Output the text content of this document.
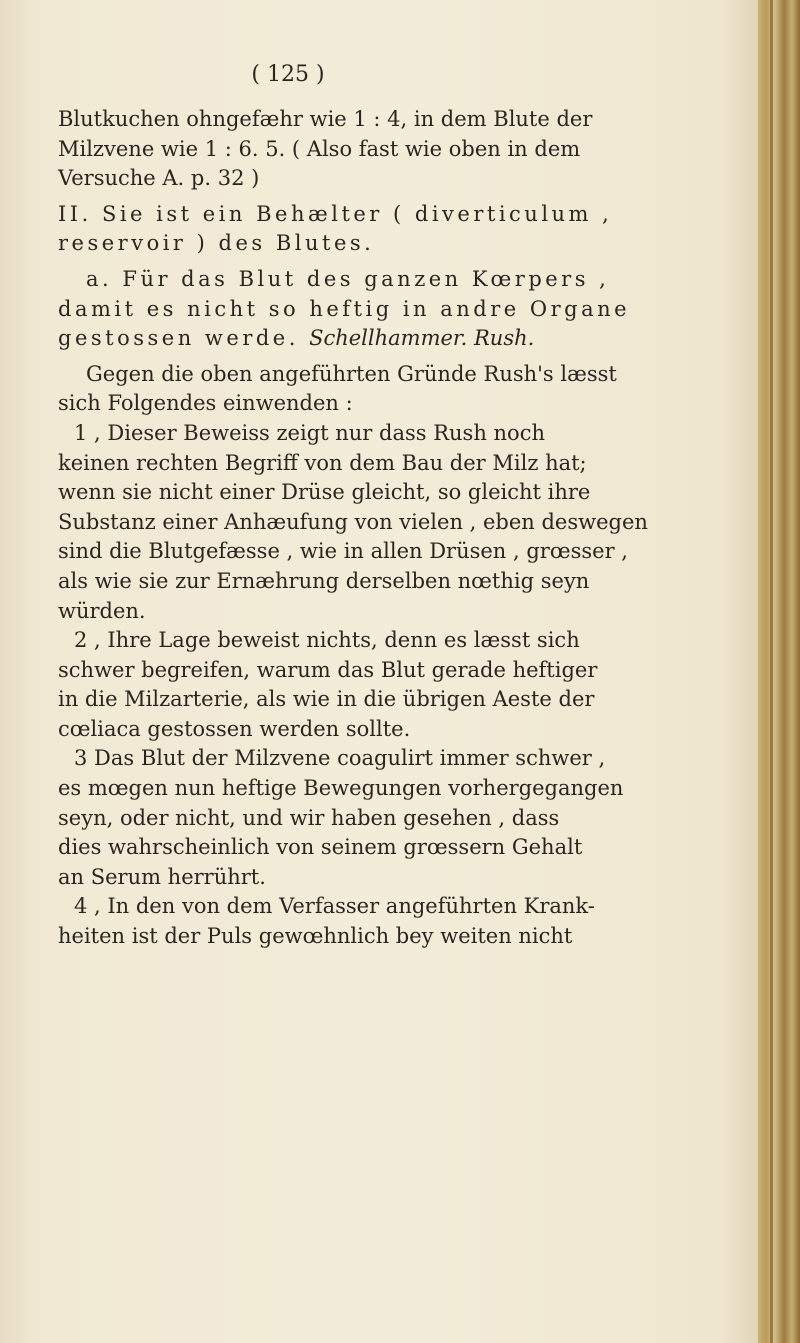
( 125 )

Blutkuchen ohngefæhr wie 1 : 4, in dem Blute der

Milzvene wie 1 : 6. 5. ( Also fast wie oben in dem

Versuche A. p. 32 )

II. Sie ist ein Behælter ( diverticulum ,

reservoir ) des Blutes.

a. Für das Blut des ganzen Kœrpers ,

damit es nicht so heftig in andre Organe

gestossen werde. Schellhammer. Rush.

Gegen die oben angeführten Gründe Rush's læsst

sich Folgendes einwenden :

1 , Dieser Beweiss zeigt nur dass Rush noch

keinen rechten Begriff von dem Bau der Milz hat;

wenn sie nicht einer Drüse gleicht, so gleicht ihre

Substanz einer Anhæufung von vielen , eben deswegen

sind die Blutgefæsse , wie in allen Drüsen , grœsser ,

als wie sie zur Ernæhrung derselben nœthig seyn

würden.

2 , Ihre Lage beweist nichts, denn es læsst sich

schwer begreifen, warum das Blut gerade heftiger

in die Milzarterie, als wie in die übrigen Aeste der

cœliaca gestossen werden sollte.

3 Das Blut der Milzvene coagulirt immer schwer ,

es mœgen nun heftige Bewegungen vorhergegangen

seyn, oder nicht, und wir haben gesehen , dass

dies wahrscheinlich von seinem grœssern Gehalt

an Serum herrührt.

4 , In den von dem Verfasser angeführten Krank-

heiten ist der Puls gewœhnlich bey weiten nicht
